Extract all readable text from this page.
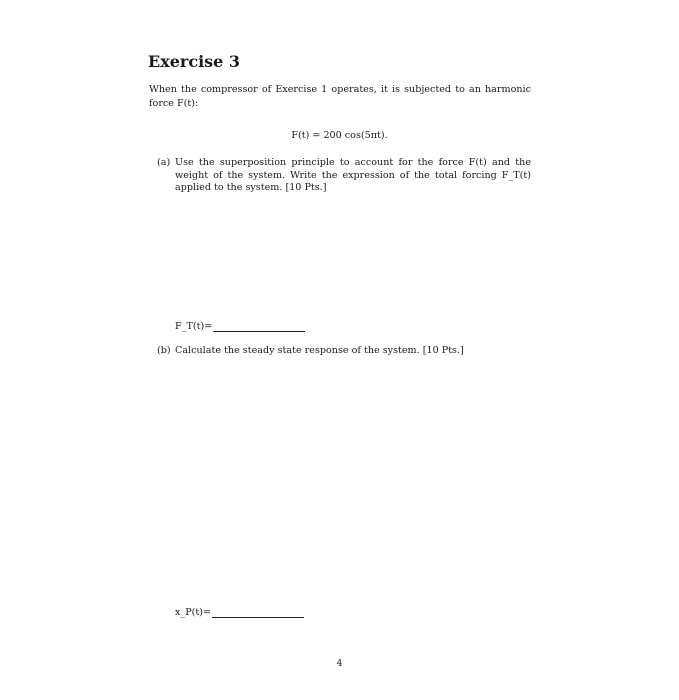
Exercise 3
When the compressor of Exercise 1 operates, it is subjected to an harmonic force F(t):
F(t) = 200 cos(5πt).
(a) Use the superposition principle to account for the force F(t) and the weight of the system. Write the expression of the total forcing F_T(t) applied to the system. [10 Pts.]
F_T(t)=
(b) Calculate the steady state response of the system. [10 Pts.]
x_P(t)=
4
